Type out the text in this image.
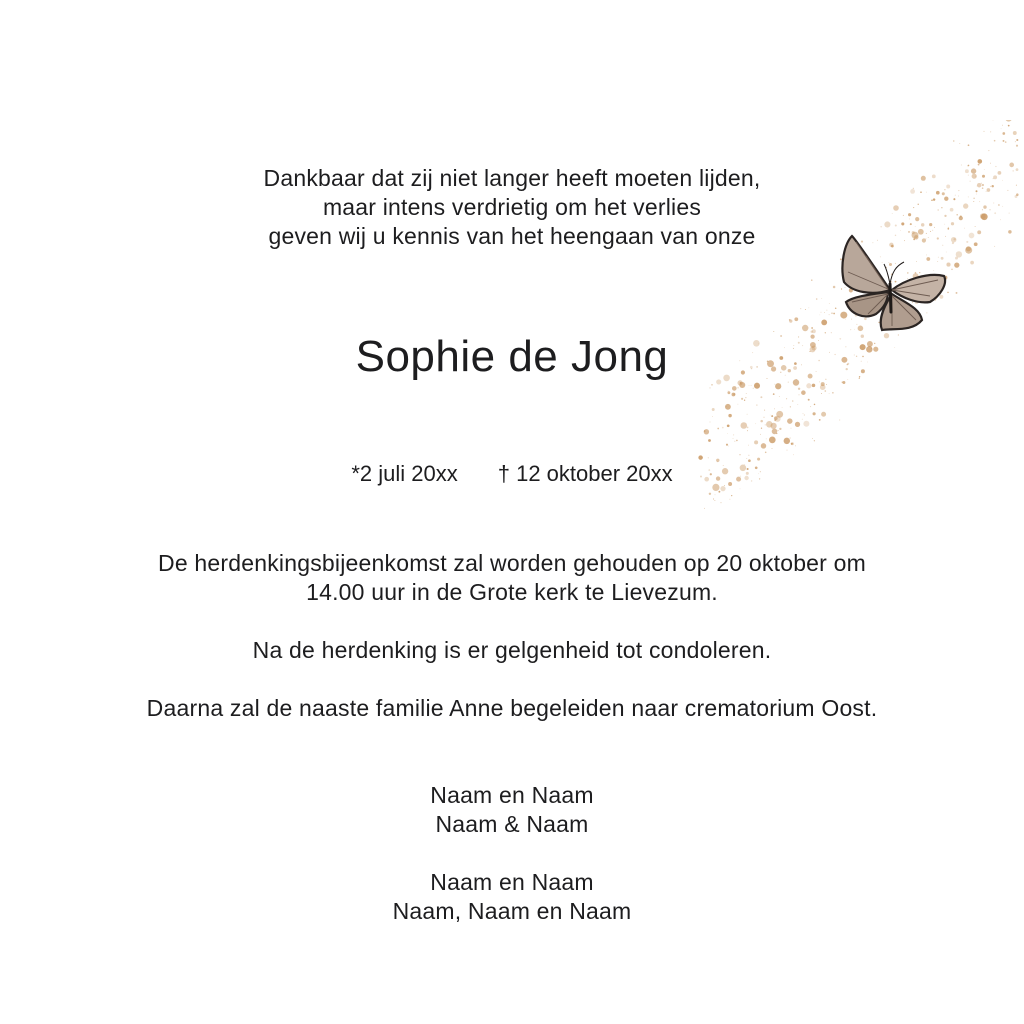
Dankbaar dat zij niet langer heeft moeten lijden,
maar intens verdrietig om het verlies
geven wij u kennis van het heengaan van onze
Sophie de Jong
*2 juli 20xx † 12 oktober 20xx
De herdenkingsbijeenkomst zal worden gehouden op 20 oktober om
14.00 uur in de Grote kerk te Lievezum.
Na de herdenking is er gelgenheid tot condoleren.
Daarna zal de naaste familie Anne begeleiden naar crematorium Oost.
Naam en Naam
Naam & Naam
Naam en Naam
Naam, Naam en Naam
